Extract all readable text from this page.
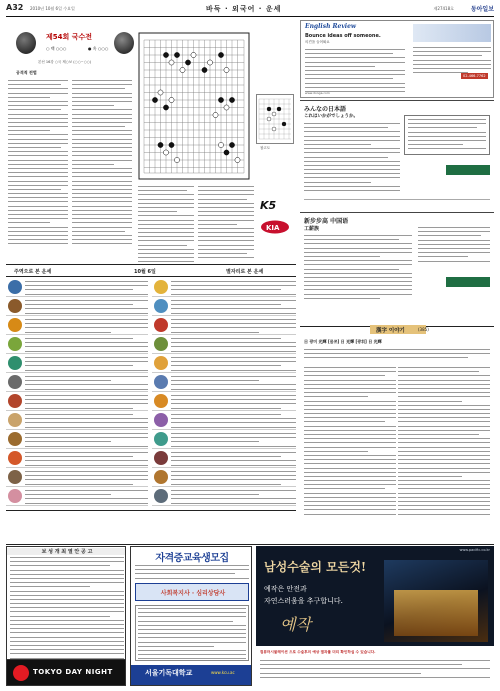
A32 2010년 10월 6일 수요일	바둑 · 외국어 · 운세	제27418호	동아일보
제54회 국수전
○ 백 ○○○	● 흑 ○○○
본선 16강 ○국 제○보 (○○~○○)
공격적 전법
참고도
K5
KIA
주역으로 본 운세	10월 6일	별자리로 본 운세
English Review
Bounce ideas off someone.
의견을 들어봐요
02-466-7762
www.donga.com
みんなの日本語
これはいかがでしょうか。
新步步高 中国语
工薪族
漢字 이야기	(385)
日 광미 光輝 [몸쯔] 日 光輝 [광휘] 日 光輝
보 성 개 최 열 안 공 고
TOKYO DAY NIGHT
자격증교육생모집
사회복지사 · 심리상담사
서울기독대학교	www.kcu.ac
www.pacific.co.kr
남성수술의 모든것!
예작은 안전과
자연스러움을 추구합니다.
예작
컴퓨터시뮬레이션 으로 수술후의 예상 결과를 미리 확인하실 수 있습니다.
